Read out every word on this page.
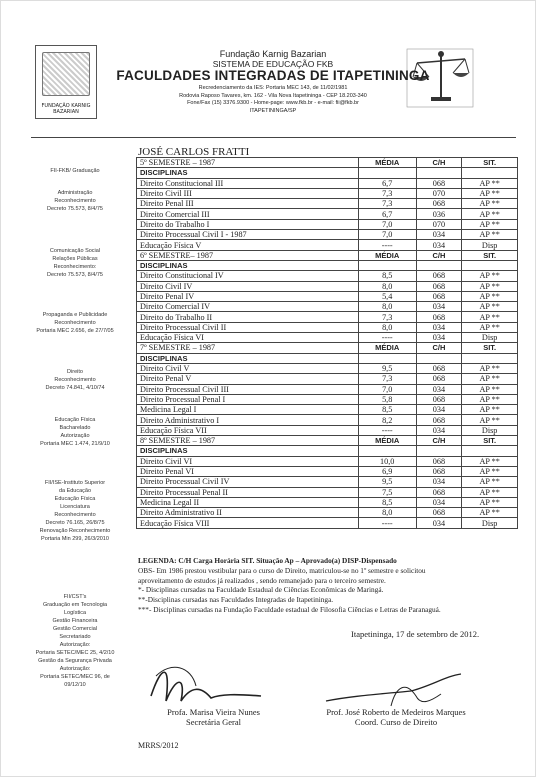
FUNDAÇÃO KARNIG BAZARIAN
Fundação Karnig Bazarian
SISTEMA DE EDUCAÇÃO FKB
FACULDADES INTEGRADAS DE ITAPETININGA
Recredenciamento da IES: Portaria MEC 143, de 11/02/1981
Rodovia Raposo Tavares, km. 162 - Vila Nova Itapetininga - CEP 18.203-340
Fone/Fax (15) 3376.9300 - Home-page: www.fkb.br - e-mail: fii@fkb.br
ITAPETININGA/SP
FII-FKB/ Graduação
Administração
Reconhecimento
Decreto 75.573, 8/4/75
Comunicação Social
Relações Públicas
Reconhecimento:
Decreto 75.573, 8/4/75
Propaganda e Publicidade
Reconhecimento
Portaria MEC 2.656, de 27/7/05
Direito
Reconhecimento
Decreto 74.841, 4/10/74
Educação Física
Bacharelado
Autorização
Portaria MEC 1.474, 21/9/10
FII/ISE-Instituto Superior
da Educação
Educação Física
Licenciatura
Reconhecimento
Decreto 76.165, 26/8/75
Renovação Reconhecimento
Portaria Min 299, 26/3/2010
FII/CST's
Graduação em Tecnologia
Logística
Gestão Financeira
Gestão Comercial
Secretariado
Autorização:
Portaria SETEC/MEC 25, 4/2/10
Gestão da Segurança Privada
Autorização:
Portaria SETEC/MEC 96, de 09/12/10
JOSÉ CARLOS FRATTI
5º SEMESTRE – 1987	MÉDIA	C/H	SIT.
DISCIPLINAS			
Direito Constitucional III	6,7	068	AP **
Direito Civil III	7,3	070	AP **
Direito Penal III	7,3	068	AP **
Direito Comercial III	6,7	036	AP **
Direito do Trabalho I	7,0	070	AP **
Direito Processual Civil I - 1987	7,0	034	AP **
Educação Física V	----	034	Disp
6º SEMESTRE– 1987	MÉDIA	C/H	SIT.
DISCIPLINAS			
Direito Constitucional IV	8,5	068	AP **
Direito Civil IV	8,0	068	AP **
Direito Penal IV	5,4	068	AP **
Direito Comercial IV	8,0	034	AP **
Direito do Trabalho II	7,3	068	AP **
Direito Processual Civil II	8,0	034	AP **
Educação Física VI	----	034	Disp
7º SEMESTRE – 1987	MÉDIA	C/H	SIT.
DISCIPLINAS			
Direito Civil V	9,5	068	AP **
Direito Penal V	7,3	068	AP **
Direito Processual Civil III	7,0	034	AP **
Direito Processual Penal I	5,8	068	AP **
Medicina Legal I	8,5	034	AP **
Direito Administrativo I	8,2	068	AP **
Educação Física VII	----	034	Disp
8º SEMESTRE – 1987	MÉDIA	C/H	SIT.
DISCIPLINAS			
Direito Civil VI	10,0	068	AP **
Direito Penal VI	6,9	068	AP **
Direito Processual Civil IV	9,5	034	AP **
Direito Processual Penal II	7,5	068	AP **
Medicina Legal II	8,5	034	AP **
Direito Administrativo II	8,0	068	AP **
Educação Física VIII	----	034	Disp

LEGENDA: C/H Carga Horária SIT. Situação Ap – Aprovado(a) DISP-Dispensado

OBS- Em 1986 prestou vestibular para o curso de Direito, matriculou-se no 1º semestre e solicitou

aproveitamento de estudos já realizados , sendo remanejado para o terceiro semestre.

*- Disciplinas cursadas na Faculdade Estadual de Ciências Econômicas de Maringá.

**-Disciplinas cursadas nas Faculdades Integradas de Itapetininga.

***- Disciplinas cursadas na Fundação Faculdade estadual de Filosofia Ciências e Letras de Paranaguá.

Itapetininga, 17 de setembro de 2012.
Profa. Marisa Vieira Nunes
Secretária Geral
Prof. José Roberto de Medeiros Marques
Coord. Curso de Direito
MRRS/2012
